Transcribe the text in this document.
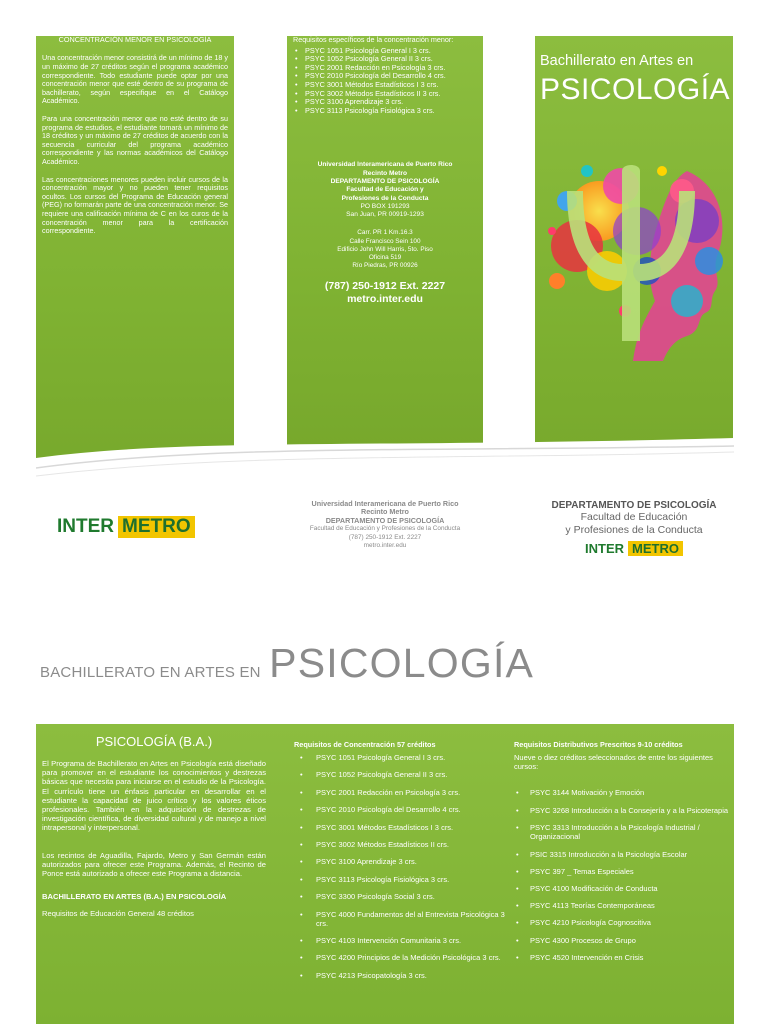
CONCENTRACIÓN MENOR EN PSICOLOGÍA

Una concentración menor consistirá de un mínimo de 18 y un máximo de 27 créditos según el programa académico correspondiente. Todo estudiante puede optar por una concentración menor que esté dentro de su programa de bachillerato, según especifique en el Catálogo Académico.

Para una concentración menor que no esté dentro de su programa de estudios, el estudiante tomará un mínimo de 18 créditos y un máximo de 27 créditos de acuerdo con la secuencia curricular del programa académico correspondiente y las normas académicos del Catálogo Académico.

Las concentraciones menores pueden incluir cursos de la concentración mayor y no pueden tener requisitos ocultos. Los cursos del Programa de Educación general (PEG) no formarán parte de una concentración menor. Se requiere una calificación mínima de C en los curos de la concentración menor para la certificación correspondiente.

Requisitos específicos de la concentración menor:
• PSYC 1051 Psicología General I 3 crs.
• PSYC 1052 Psicología General II 3 crs.
• PSYC 2001 Redacción en Psicología 3 crs.
• PSYC 2010 Psicología del Desarrollo 4 crs.
• PSYC 3001 Métodos Estadísticos I 3 crs.
• PSYC 3002 Métodos Estadísticos II 3 crs.
• PSYC 3100 Aprendizaje 3 crs.
• PSYC 3113 Psicología Fisiológica 3 crs.
Universidad Interamericana de Puerto Rico
Recinto Metro
DEPARTAMENTO DE PSICOLOGÍA
Facultad de Educación y
Profesiones de la Conducta
PO BOX 191293
San Juan, PR 00919-1293
Carr. PR 1 Km.16.3
Calle Francisco Sein 100
Edificio John Will Harris, 5to. Piso
Oficina 519
Río Piedras, PR 00926
(787) 250-1912 Ext. 2227
metro.inter.edu
Bachillerato en Artes en
PSICOLOGÍA
INTER METRO
Universidad Interamericana de Puerto Rico
Recinto Metro
DEPARTAMENTO DE PSICOLOGÍA
Facultad de Educación y Profesiones de la Conducta
(787) 250-1912 Ext. 2227
metro.inter.edu
DEPARTAMENTO DE PSICOLOGÍA
Facultad de Educación
y Profesiones de la Conducta
INTER METRO
BACHILLERATO EN ARTES EN PSICOLOGÍA
PSICOLOGÍA (B.A.)

El Programa de Bachillerato en Artes en Psicología está diseñado para promover en el estudiante los conocimientos y destrezas básicas que necesita para iniciarse en el estudio de la Psicología. El currículo tiene un énfasis particular en desarrollar en el estudiante la capacidad de juico crítico y los valores éticos profesionales. También en la adquisición de destrezas de investigación científica, de diversidad cultural y de manejo a nivel intrapersonal y interpersonal.

Los recintos de Aguadilla, Fajardo, Metro y San Germán están autorizados para ofrecer este Programa. Además, el Recinto de Ponce está autorizado a ofrecer este Programa a distancia.

BACHILLERATO EN ARTES (B.A.) EN PSICOLOGÍA
Requisitos de Educación General 48 créditos
Requisitos de Concentración 57 créditos
• PSYC 1051 Psicología General I 3 crs.
• PSYC 1052 Psicología General II 3 crs.
• PSYC 2001 Redacción en Psicología 3 crs.
• PSYC 2010 Psicología del Desarrollo 4 crs.
• PSYC 3001 Métodos Estadísticos I 3 crs.
• PSYC 3002 Métodos Estadísticos II crs.
• PSYC 3100 Aprendizaje 3 crs.
• PSYC 3113 Psicología Fisiológica 3 crs.
• PSYC 3300 Psicología Social 3 crs.
• PSYC 4000 Fundamentos del al Entrevista Psicológica 3 crs.
• PSYC 4103 Intervención Comunitaria 3 crs.
• PSYC 4200 Principios de la Medición Psicológica 3 crs.
• PSYC 4213 Psicopatología 3 crs.
Requisitos Distributivos Prescritos 9-10 créditos
Nueve o diez créditos seleccionados de entre los siguientes cursos:
• PSYC 3144 Motivación y Emoción
• PSYC 3268 Introducción a la Consejería y a la Psicoterapia
• PSYC 3313 Introducción a la Psicología Industrial / Organizacional
• PSIC 3315 Introducción a la Psicología Escolar
• PSYC 397 _ Temas Especiales
• PSYC 4100 Modificación de Conducta
• PSYC 4113 Teorías Contemporáneas
• PSYC 4210 Psicología Cognoscitiva
• PSYC 4300 Procesos de Grupo
• PSYC 4520 Intervención en Crisis
